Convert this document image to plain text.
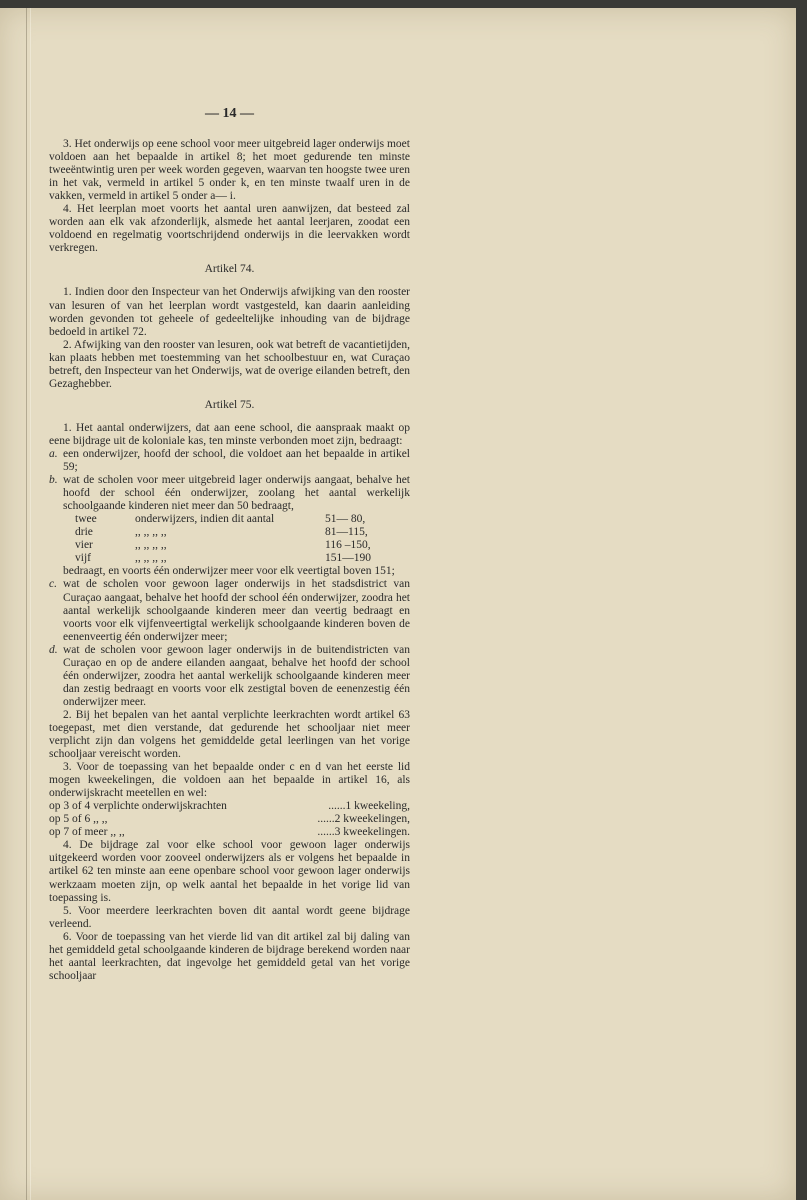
— 14 —

3. Het onderwijs op eene school voor meer uitgebreid lager onderwijs moet voldoen aan het bepaalde in artikel 8; het moet gedurende ten minste tweeëntwintig uren per week worden gegeven, waarvan ten hoogste twee uren in het vak, vermeld in artikel 5 onder k, en ten minste twaalf uren in de vakken, vermeld in artikel 5 onder a— i.

4. Het leerplan moet voorts het aantal uren aanwijzen, dat besteed zal worden aan elk vak afzonderlijk, alsmede het aantal leerjaren, zoodat een voldoend en regelmatig voortschrijdend onderwijs in die leervakken wordt verkregen.

Artikel 74.

1. Indien door den Inspecteur van het Onderwijs afwijking van den rooster van lesuren of van het leerplan wordt vastgesteld, kan daarin aanleiding worden gevonden tot geheele of gedeeltelijke inhouding van de bijdrage bedoeld in artikel 72.

2. Afwijking van den rooster van lesuren, ook wat betreft de vacantietijden, kan plaats hebben met toestemming van het schoolbestuur en, wat Curaçao betreft, den Inspecteur van het Onderwijs, wat de overige eilanden betreft, den Gezaghebber.

Artikel 75.

1. Het aantal onderwijzers, dat aan eene school, die aanspraak maakt op eene bijdrage uit de koloniale kas, ten minste verbonden moet zijn, bedraagt:

a. een onderwijzer, hoofd der school, die voldoet aan het bepaalde in artikel 59;
b. wat de scholen voor meer uitgebreid lager onderwijs aangaat, behalve het hoofd der school één onderwijzer, zoolang het aantal werkelijk schoolgaande kinderen niet meer dan 50 bedraagt,
twee	onderwijzers, indien dit aantal	51— 80,
drie	,, ,, ,, ,,	81—115,
vier	,, ,, ,, ,,	116 –150,
vijf	,, ,, ,, ,,	151—190

bedraagt, en voorts één onderwijzer meer voor elk veertigtal boven 151;

c. wat de scholen voor gewoon lager onderwijs in het stadsdistrict van Curaçao aangaat, behalve het hoofd der school één onderwijzer, zoodra het aantal werkelijk schoolgaande kinderen meer dan veertig bedraagt en voorts voor elk vijfenveertigtal werkelijk schoolgaande kinderen boven de eenenveertig één onderwijzer meer;
d. wat de scholen voor gewoon lager onderwijs in de buitendistricten van Curaçao en op de andere eilanden aangaat, behalve het hoofd der school één onderwijzer, zoodra het aantal werkelijk schoolgaande kinderen meer dan zestig bedraagt en voorts voor elk zestigtal boven de eenenzestig één onderwijzer meer.

2. Bij het bepalen van het aantal verplichte leerkrachten wordt artikel 63 toegepast, met dien verstande, dat gedurende het schooljaar niet meer verplicht zijn dan volgens het gemiddelde getal leerlingen van het vorige schooljaar vereischt worden.

3. Voor de toepassing van het bepaalde onder c en d van het eerste lid mogen kweekelingen, die voldoen aan het bepaalde in artikel 16, als onderwijskracht meetellen en wel:

op 3 of 4 verplichte onderwijskrachten	......1 kweekeling,
op 5 of 6 ,, ,,	......2 kweekelingen,
op 7 of meer ,, ,,	......3 kweekelingen.

4. De bijdrage zal voor elke school voor gewoon lager onderwijs uitgekeerd worden voor zooveel onderwijzers als er volgens het bepaalde in artikel 62 ten minste aan eene openbare school voor gewoon lager onderwijs werkzaam moeten zijn, op welk aantal het bepaalde in het vorige lid van toepassing is.

5. Voor meerdere leerkrachten boven dit aantal wordt geene bijdrage verleend.

6. Voor de toepassing van het vierde lid van dit artikel zal bij daling van het gemiddeld getal schoolgaande kinderen de bijdrage berekend worden naar het aantal leerkrachten, dat ingevolge het gemiddeld getal van het vorige schooljaar
